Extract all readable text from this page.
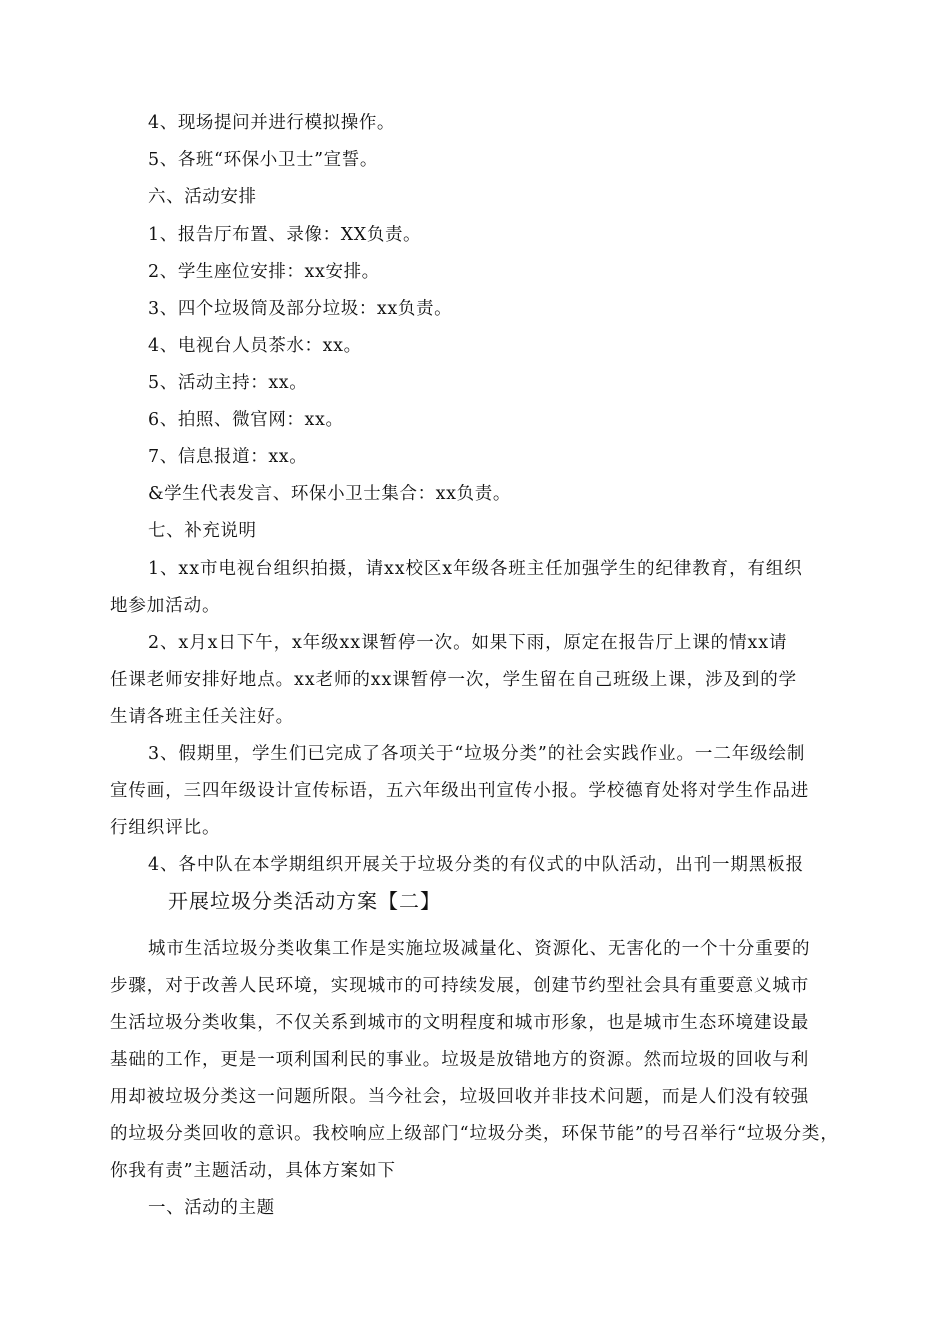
4、现场提问并进行模拟操作。
5、各班“环保小卫士”宣誓。
六、活动安排
1、报告厅布置、录像：XX负责。
2、学生座位安排：xx安排。
3、四个垃圾筒及部分垃圾：xx负责。
4、电视台人员茶水：xx。
5、活动主持：xx。
6、拍照、微官网：xx。
7、信息报道：xx。
&学生代表发言、环保小卫士集合：xx负责。
七、补充说明
1、xx市电视台组织拍摄，请xx校区x年级各班主任加强学生的纪律教育，有组织
地参加活动。
2、x月x日下午，x年级xx课暂停一次。如果下雨，原定在报告厅上课的情xx请
任课老师安排好地点。xx老师的xx课暂停一次，学生留在自己班级上课，涉及到的学
生请各班主任关注好。
3、假期里，学生们已完成了各项关于“垃圾分类”的社会实践作业。一二年级绘制
宣传画，三四年级设计宣传标语，五六年级出刊宣传小报。学校德育处将对学生作品进
行组织评比。
4、各中队在本学期组织开展关于垃圾分类的有仪式的中队活动，出刊一期黑板报
开展垃圾分类活动方案【二】
城市生活垃圾分类收集工作是实施垃圾减量化、资源化、无害化的一个十分重要的
步骤，对于改善人民环境，实现城市的可持续发展，创建节约型社会具有重要意义城市
生活垃圾分类收集，不仅关系到城市的文明程度和城市形象，也是城市生态环境建设最
基础的工作，更是一项利国利民的事业。垃圾是放错地方的资源。然而垃圾的回收与利
用却被垃圾分类这一问题所限。当今社会，垃圾回收并非技术问题，而是人们没有较强
的垃圾分类回收的意识。我校响应上级部门“垃圾分类，环保节能”的号召举行“垃圾分类，
你我有责”主题活动，具体方案如下
一、活动的主题
